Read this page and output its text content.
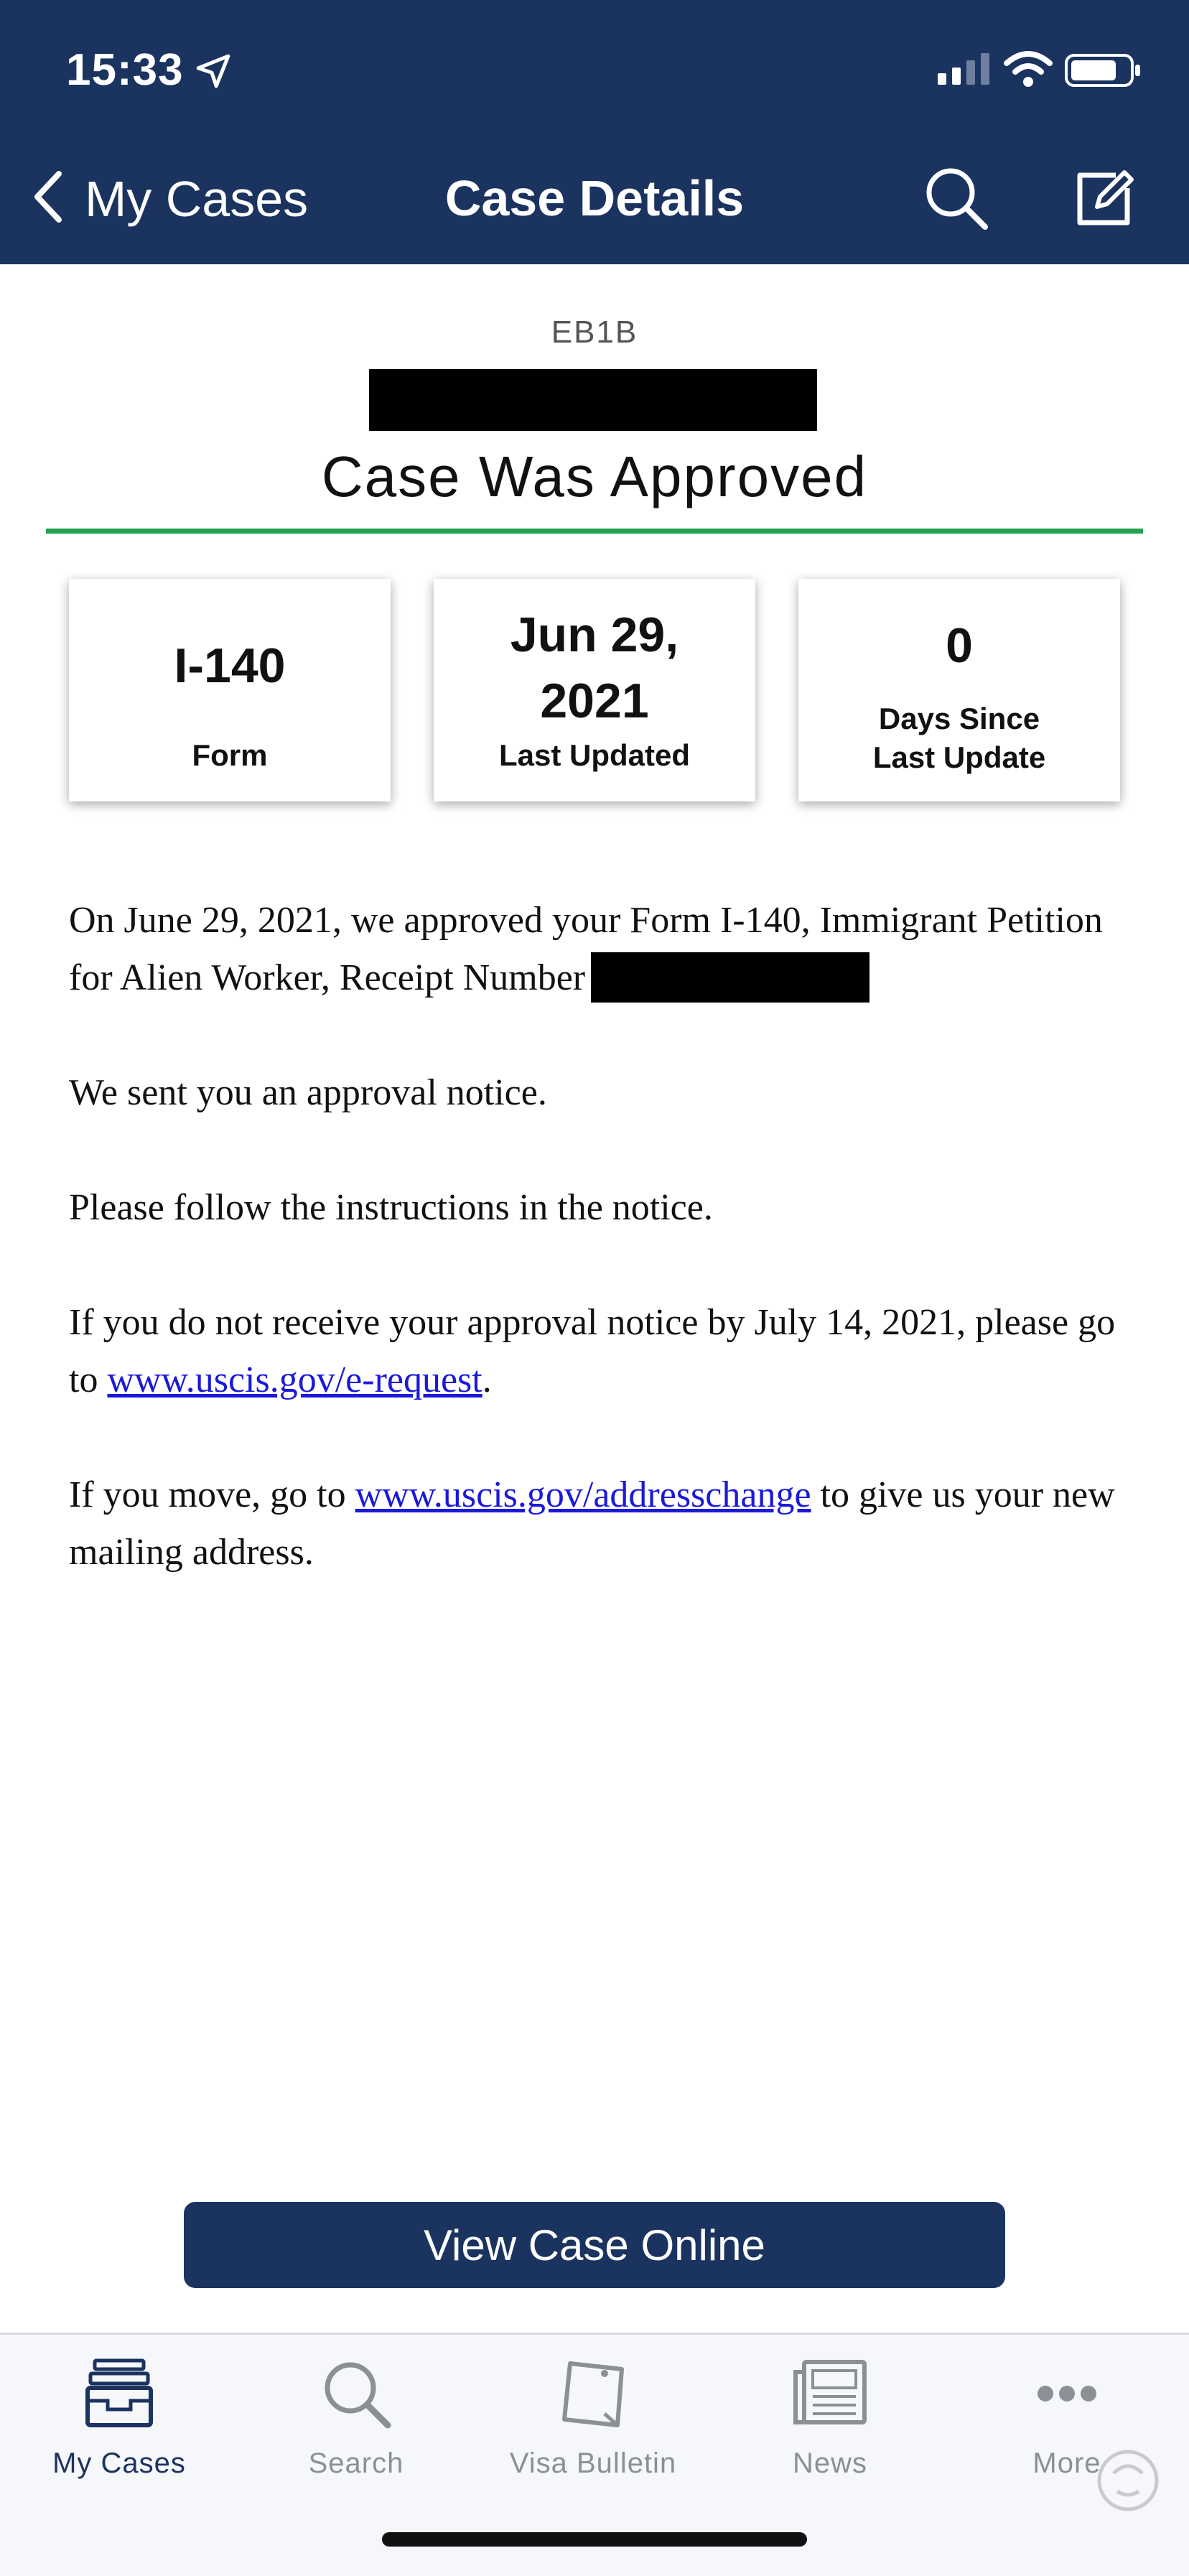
15:33
My Cases	Case Details
EB1B
Case Was Approved
I-140
Form
Jun 29, 2021
Last Updated
0
Days Since Last Update
On June 29, 2021, we approved your Form I-140, Immigrant Petition for Alien Worker, Receipt Number
We sent you an approval notice.
Please follow the instructions in the notice.
If you do not receive your approval notice by July 14, 2021, please go to www.uscis.gov/e-request.
If you move, go to www.uscis.gov/addresschange to give us your new mailing address.
View Case Online
My Cases	Search	Visa Bulletin	News	More
